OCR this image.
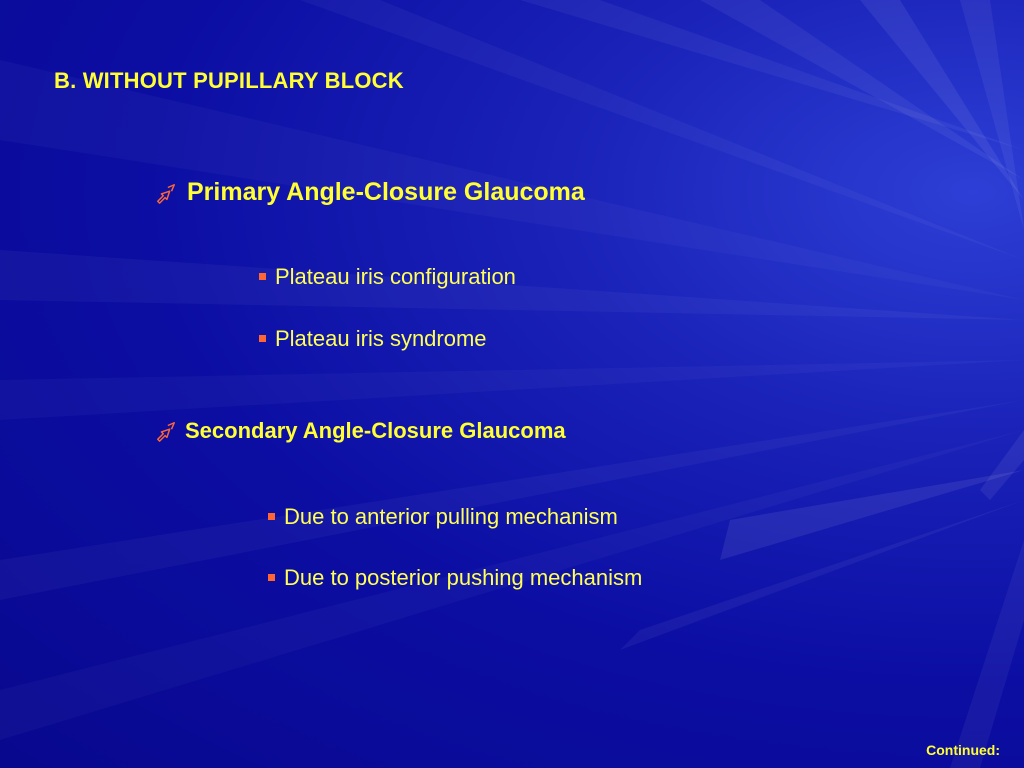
B. WITHOUT PUPILLARY BLOCK
Primary Angle-Closure Glaucoma
Plateau iris configuration
Plateau iris syndrome
Secondary Angle-Closure Glaucoma
Due to anterior pulling mechanism
Due to posterior pushing mechanism
Continued:
